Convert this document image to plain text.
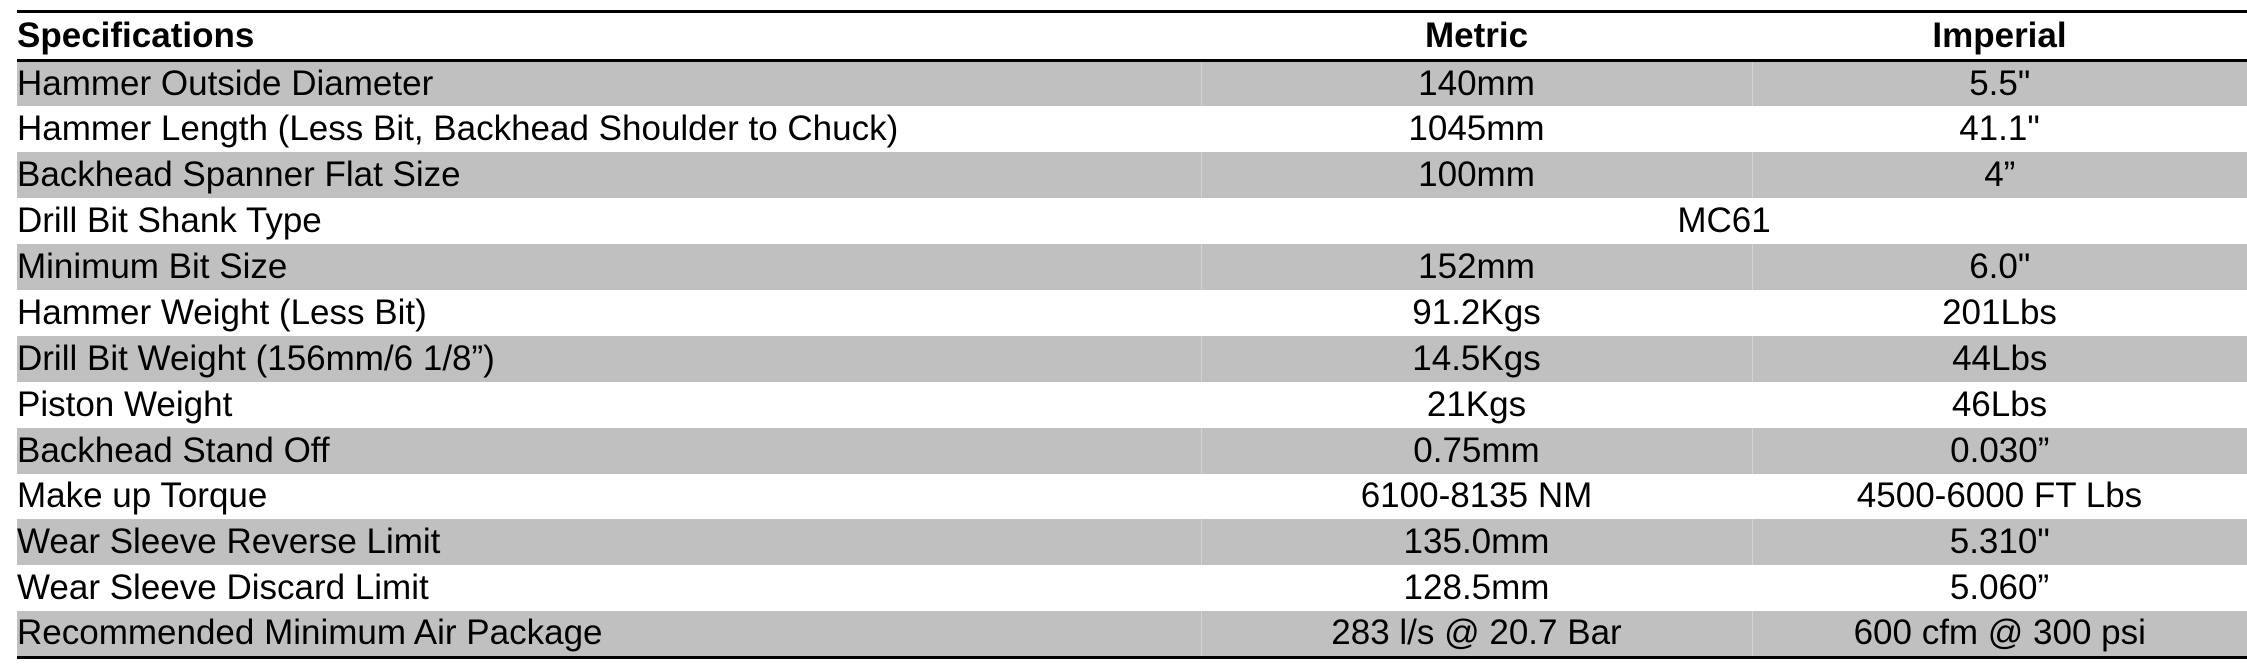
Specifications	Metric	Imperial
Hammer Outside Diameter	140mm	5.5"
Hammer Length (Less Bit, Backhead Shoulder to Chuck)	1045mm	41.1"
Backhead Spanner Flat Size	100mm	4”
Drill Bit Shank Type	MC61	
Minimum Bit Size	152mm	6.0"
Hammer Weight (Less Bit)	91.2Kgs	201Lbs
Drill Bit Weight (156mm/6 1/8”)	14.5Kgs	44Lbs
Piston Weight	21Kgs	46Lbs
Backhead Stand Off	0.75mm	0.030”
Make up Torque	6100-8135 NM	4500-6000 FT Lbs
Wear Sleeve Reverse Limit	135.0mm	5.310"
Wear Sleeve Discard Limit	128.5mm	5.060”
Recommended Minimum Air Package	283 l/s @ 20.7 Bar	600 cfm @ 300 psi
